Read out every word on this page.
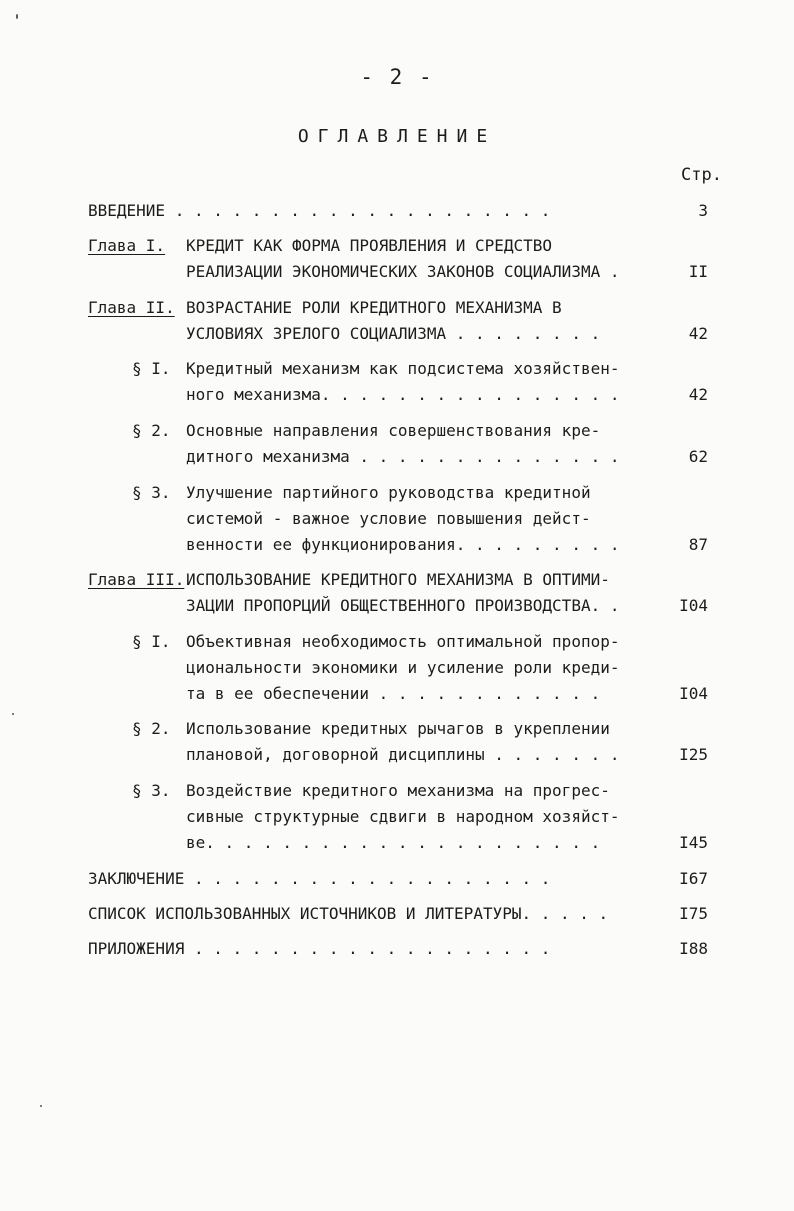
- 2 -
ОГЛАВЛЕНИЕ
Стр.
ВВЕДЕНИЕ . . . . . . . . . . . . . . . . . . . .	3
Глава I. КРЕДИТ КАК ФОРМА ПРОЯВЛЕНИЯ И СРЕДСТВО
РЕАЛИЗАЦИИ ЭКОНОМИЧЕСКИХ ЗАКОНОВ СОЦИАЛИЗМА .	II
Глава II. ВОЗРАСТАНИЕ РОЛИ КРЕДИТНОГО МЕХАНИЗМА В
УСЛОВИЯХ ЗРЕЛОГО СОЦИАЛИЗМА . . . . . . . .	42
§ I. Кредитный механизм как подсистема хозяйствен-
ного механизма. . . . . . . . . . . . . . . .	42
§ 2. Основные направления совершенствования кре-
дитного механизма . . . . . . . . . . . . . .	62
§ 3. Улучшение партийного руководства кредитной
системой - важное условие повышения дейст-
венности ее функционирования. . . . . . . . .	87
Глава III. ИСПОЛЬЗОВАНИЕ КРЕДИТНОГО МЕХАНИЗМА В ОПТИМИ-
ЗАЦИИ ПРОПОРЦИЙ ОБЩЕСТВЕННОГО ПРОИЗВОДСТВА. .	I04
§ I. Объективная необходимость оптимальной пропор-
циональности экономики и усиление роли креди-
та в ее обеспечении . . . . . . . . . . . .	I04
§ 2. Использование кредитных рычагов в укреплении
плановой, договорной дисциплины . . . . . . .	I25
§ 3. Воздействие кредитного механизма на прогрес-
сивные структурные сдвиги в народном хозяйст-
ве. . . . . . . . . . . . . . . . . . . . .	I45
ЗАКЛЮЧЕНИЕ . . . . . . . . . . . . . . . . . . .	I67
СПИСОК ИСПОЛЬЗОВАННЫХ ИСТОЧНИКОВ И ЛИТЕРАТУРЫ. . . . .	I75
ПРИЛОЖЕНИЯ . . . . . . . . . . . . . . . . . . .	I88
